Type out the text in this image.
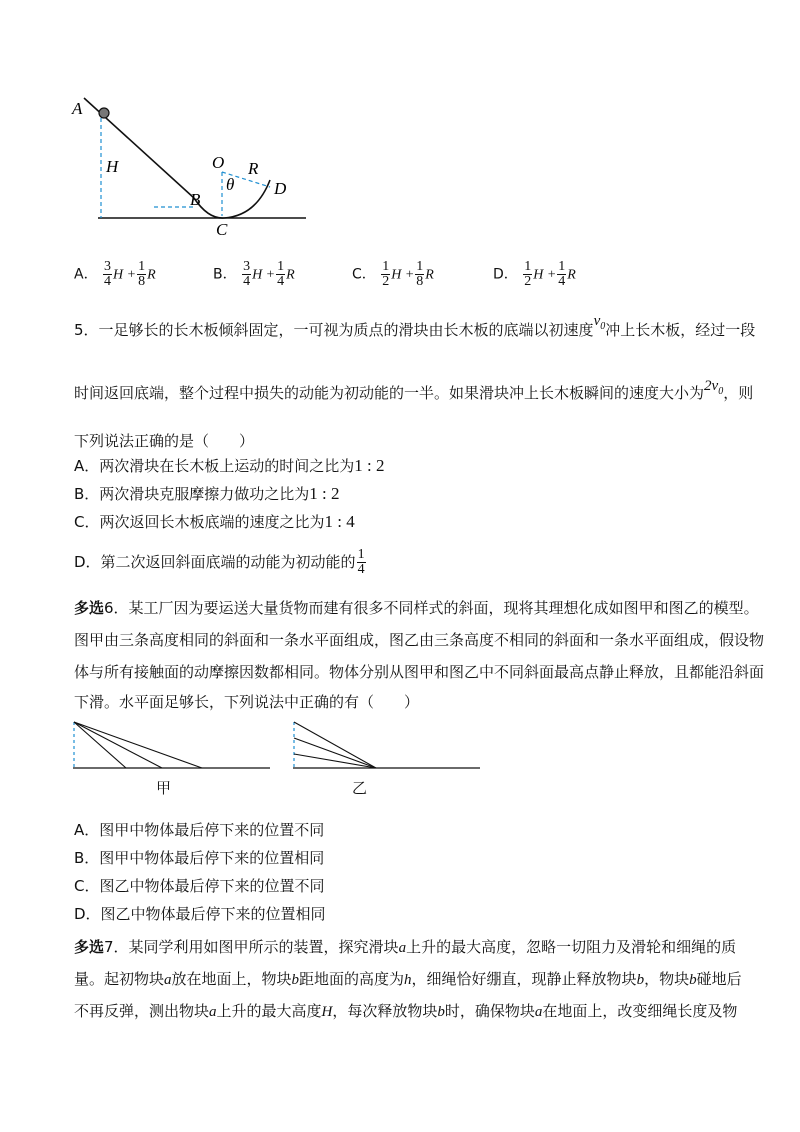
A
H	O R
θ D
B
C
A． $\frac{3}{4}$ $H + \frac{1}{8}$ R	B． $\frac{3}{4}$ $H + \frac{1}{4}$ R	C． $\frac{1}{2}$ $H + \frac{1}{8}$ R	D． $\frac{1}{2}$ $H + \frac{1}{4}$ R
5．一足够长的长木板倾斜固定，一可视为质点的滑块由长木板的底端以初速度$v_0$冲上长木板，经过一段
时间返回底端，整个过程中损失的动能为初动能的一半。如果滑块冲上长木板瞬间的速度大小为$2v_0$，则
下列说法正确的是（　　）
A．两次滑块在长木板上运动的时间之比为1 : 2
B．两次滑块克服摩擦力做功之比为1 : 2
C．两次返回长木板底端的速度之比为1 : 4
D．第二次返回斜面底端的动能为初动能的 $\frac{1}{4}$
多选6．某工厂因为要运送大量货物而建有很多不同样式的斜面，现将其理想化成如图甲和图乙的模型。
图甲由三条高度相同的斜面和一条水平面组成，图乙由三条高度不相同的斜面和一条水平面组成，假设物
体与所有接触面的动摩擦因数都相同。物体分别从图甲和图乙中不同斜面最高点静止释放，且都能沿斜面
下滑。水平面足够长，下列说法中正确的有（　　）
甲	乙
A．图甲中物体最后停下来的位置不同
B．图甲中物体最后停下来的位置相同
C．图乙中物体最后停下来的位置不同
D．图乙中物体最后停下来的位置相同
多选7．某同学利用如图甲所示的装置，探究滑块a上升的最大高度，忽略一切阻力及滑轮和细绳的质
量。起初物块a放在地面上，物块b距地面的高度为h，细绳恰好绷直，现静止释放物块b，物块b碰地后
不再反弹，测出物块a上升的最大高度H，每次释放物块b时，确保物块a在地面上，改变细绳长度及物
